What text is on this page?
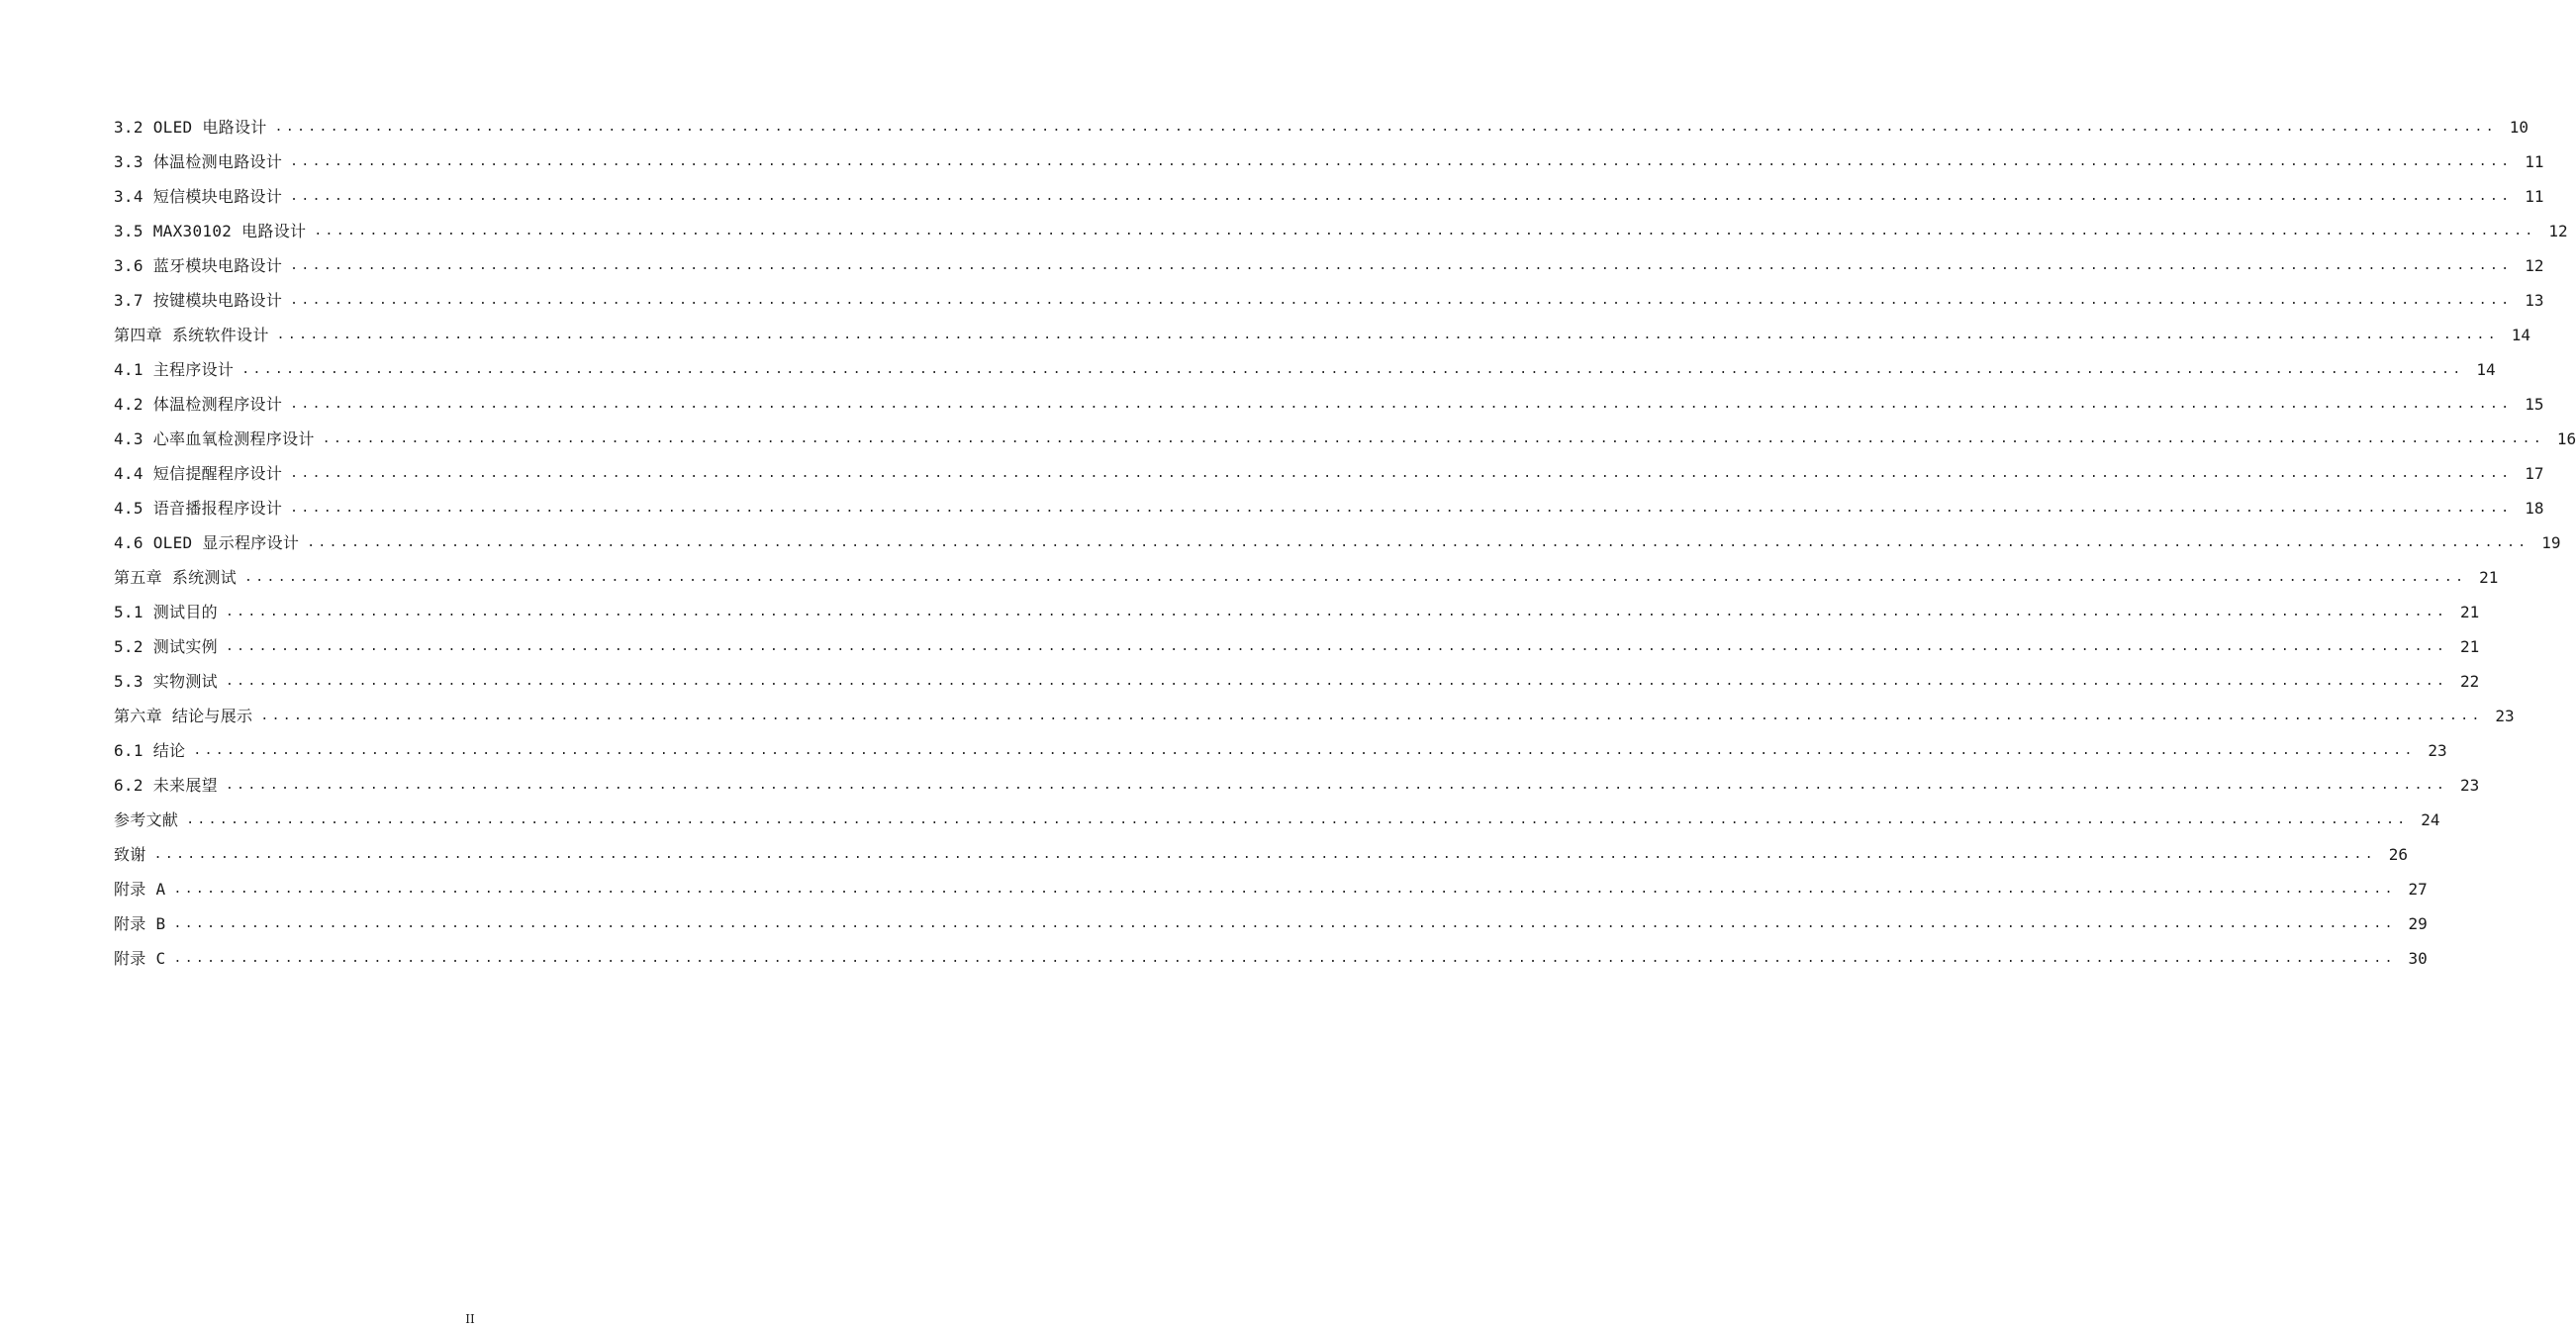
3.2 OLED 电路设计 ........................................................................................................................................................................................................ 10
3.3 体温检测电路设计 ........................................................................................................................................................................................................ 11
3.4 短信模块电路设计 ........................................................................................................................................................................................................ 11
3.5 MAX30102 电路设计 ........................................................................................................................................................................................................ 12
3.6 蓝牙模块电路设计 ........................................................................................................................................................................................................ 12
3.7 按键模块电路设计 ........................................................................................................................................................................................................ 13
第四章 系统软件设计 ........................................................................................................................................................................................................ 14
4.1 主程序设计 ........................................................................................................................................................................................................ 14
4.2 体温检测程序设计 ........................................................................................................................................................................................................ 15
4.3 心率血氧检测程序设计 ........................................................................................................................................................................................................ 16
4.4 短信提醒程序设计 ........................................................................................................................................................................................................ 17
4.5 语音播报程序设计 ........................................................................................................................................................................................................ 18
4.6 OLED 显示程序设计 ........................................................................................................................................................................................................ 19
第五章 系统测试 ........................................................................................................................................................................................................ 21
5.1 测试目的 ........................................................................................................................................................................................................ 21
5.2 测试实例 ........................................................................................................................................................................................................ 21
5.3 实物测试 ........................................................................................................................................................................................................ 22
第六章 结论与展示 ........................................................................................................................................................................................................ 23
6.1 结论 ........................................................................................................................................................................................................ 23
6.2 未来展望 ........................................................................................................................................................................................................ 23
参考文献 ........................................................................................................................................................................................................ 24
致谢 ........................................................................................................................................................................................................ 26
附录 A ........................................................................................................................................................................................................ 27
附录 B ........................................................................................................................................................................................................ 29
附录 C ........................................................................................................................................................................................................ 30
II
